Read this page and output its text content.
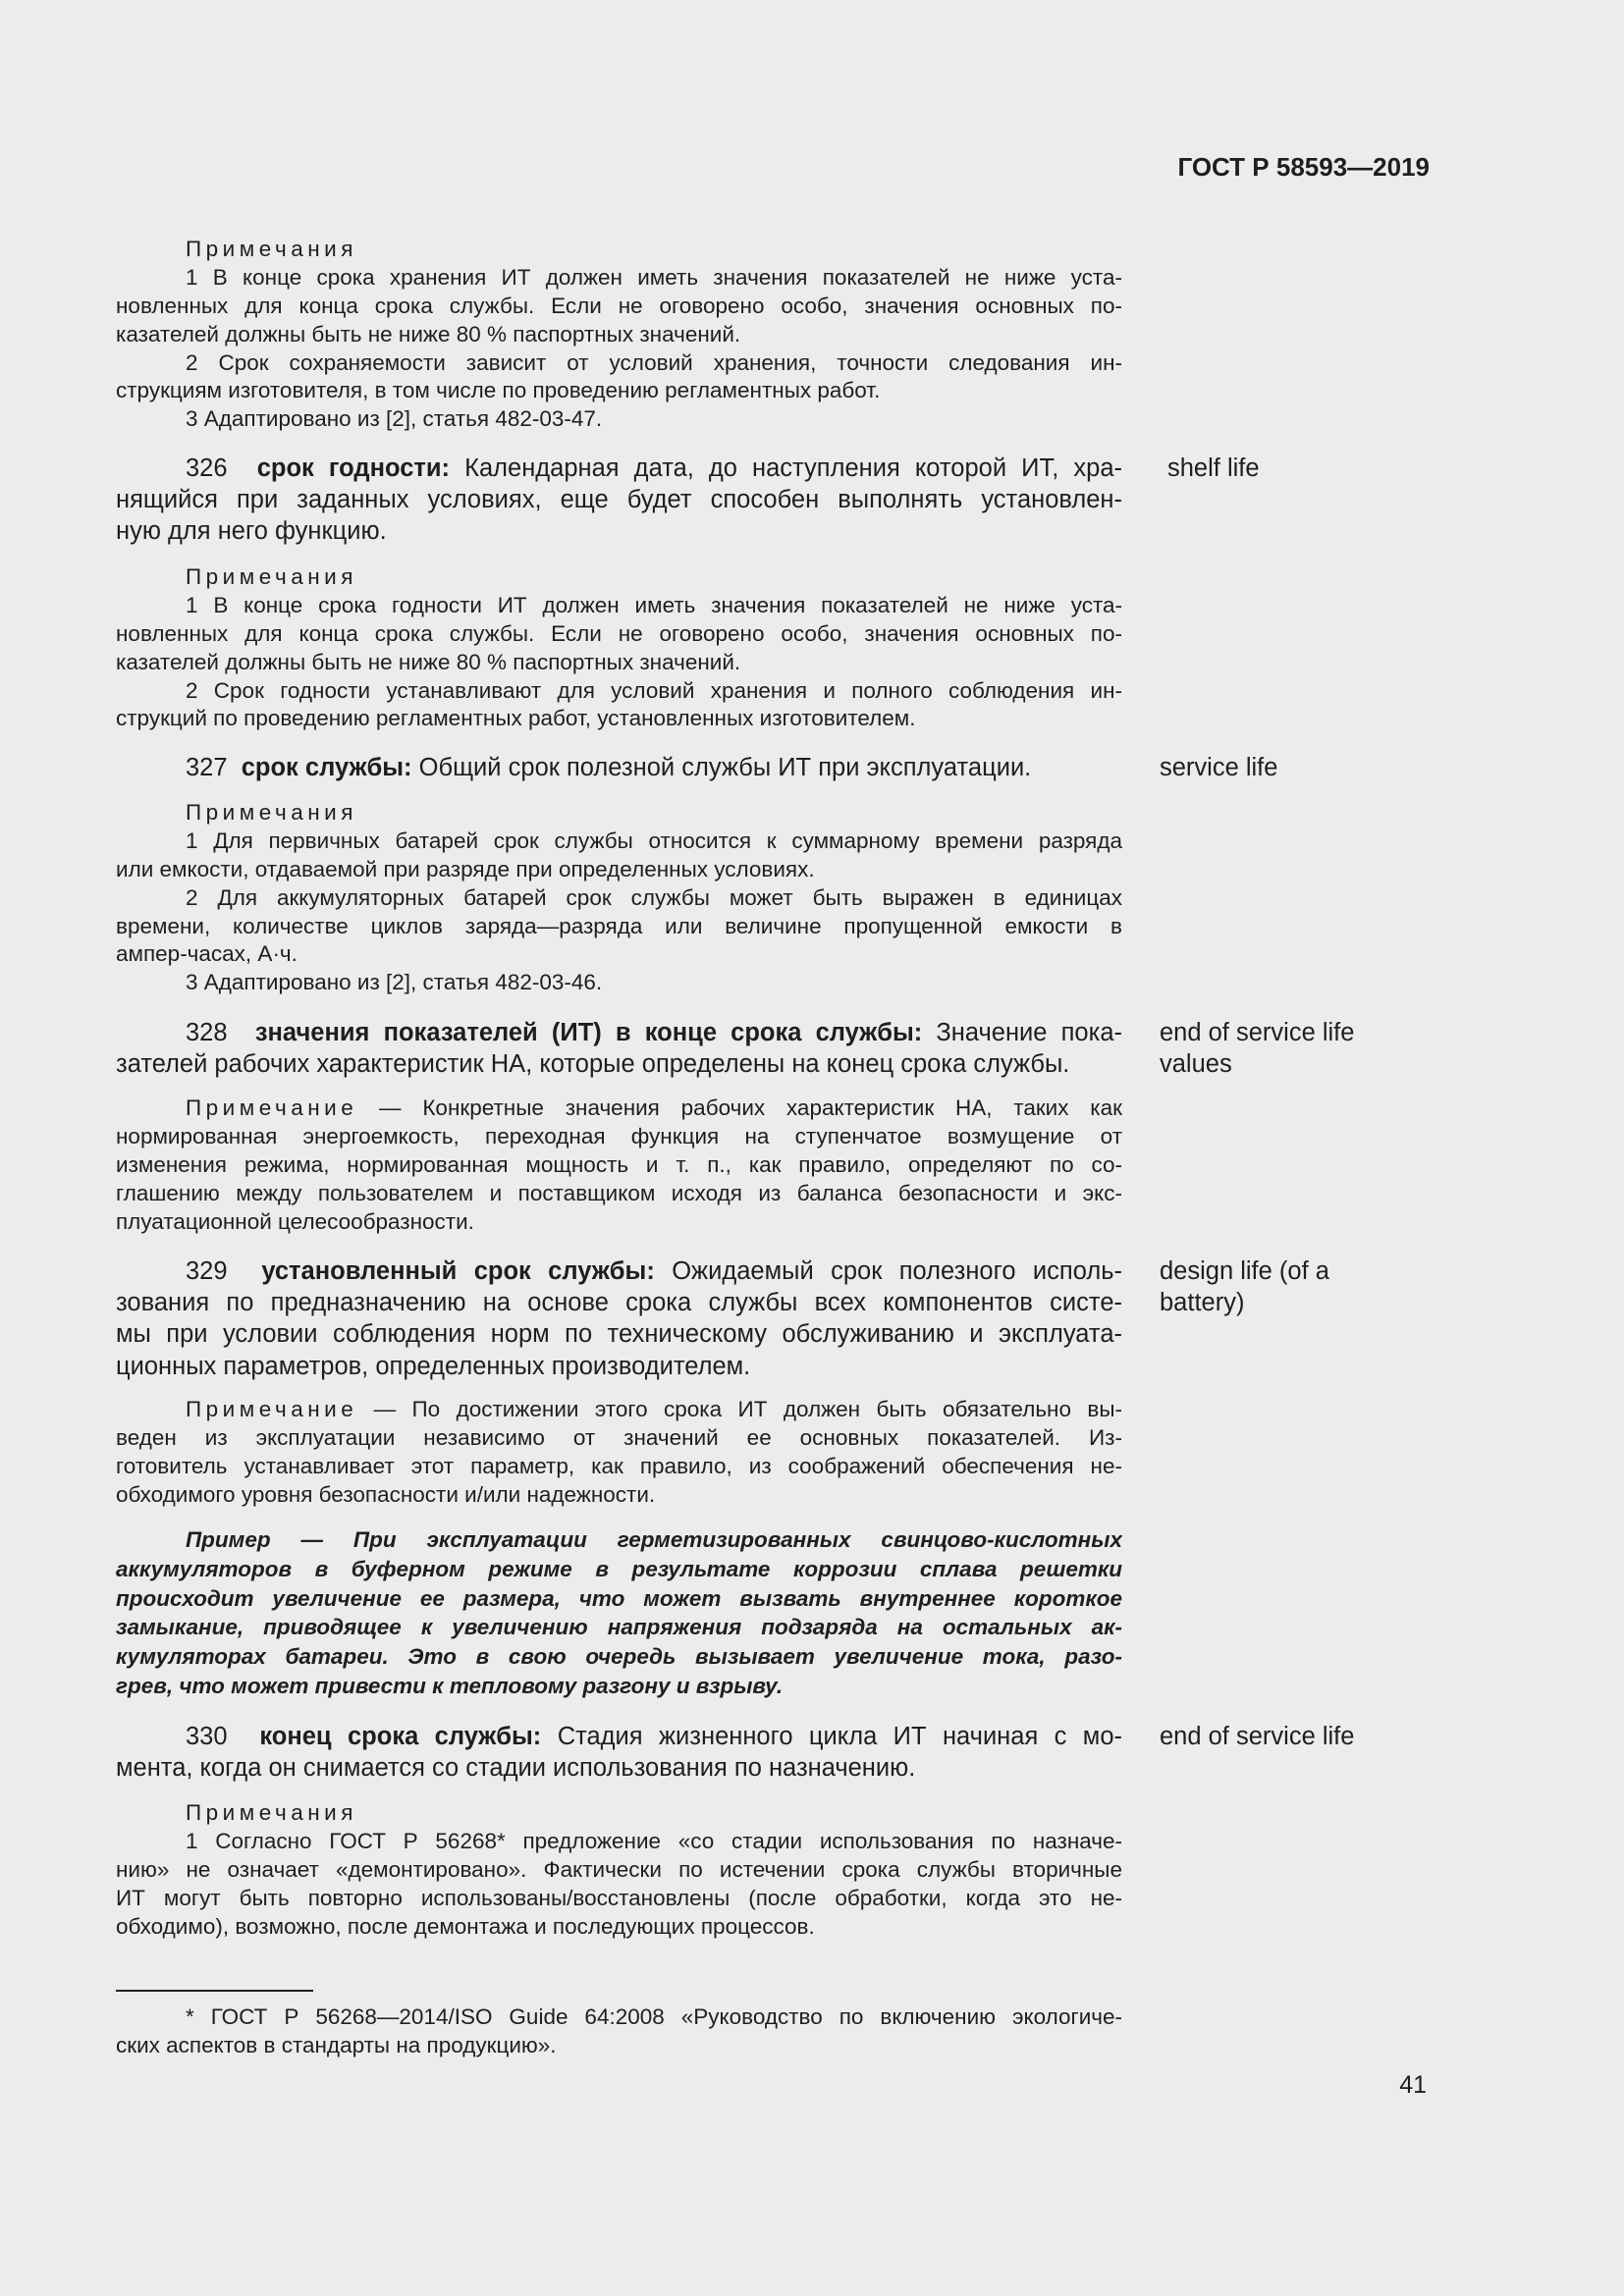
ГОСТ Р 58593—2019
Примечания
1 В конце срока хранения ИТ должен иметь значения показателей не ниже уста-
новленных для конца срока службы. Если не оговорено особо, значения основных по-
казателей должны быть не ниже 80 % паспортных значений.
2 Срок сохраняемости зависит от условий хранения, точности следования ин-
струкциям изготовителя, в том числе по проведению регламентных работ.
3 Адаптировано из [2], статья 482-03-47.
326 срок годности: Календарная дата, до наступления которой ИТ, хра-
нящийся при заданных условиях, еще будет способен выполнять установлен-
ную для него функцию.
shelf life
Примечания
1 В конце срока годности ИТ должен иметь значения показателей не ниже уста-
новленных для конца срока службы. Если не оговорено особо, значения основных по-
казателей должны быть не ниже 80 % паспортных значений.
2 Срок годности устанавливают для условий хранения и полного соблюдения ин-
струкций по проведению регламентных работ, установленных изготовителем.
327 срок службы: Общий срок полезной службы ИТ при эксплуатации.	service life
Примечания
1 Для первичных батарей срок службы относится к суммарному времени разряда
или емкости, отдаваемой при разряде при определенных условиях.
2 Для аккумуляторных батарей срок службы может быть выражен в единицах
времени, количестве циклов заряда—разряда или величине пропущенной емкости в
ампер-часах, А·ч.
3 Адаптировано из [2], статья 482-03-46.
328 значения показателей (ИТ) в конце срока службы: Значение пока-
зателей рабочих характеристик НА, которые определены на конец срока службы.
end of service life values
Примечание — Конкретные значения рабочих характеристик НА, таких как
нормированная энергоемкость, переходная функция на ступенчатое возмущение от
изменения режима, нормированная мощность и т. п., как правило, определяют по со-
глашению между пользователем и поставщиком исходя из баланса безопасности и экс-
плуатационной целесообразности.
329 установленный срок службы: Ожидаемый срок полезного исполь-
зования по предназначению на основе срока службы всех компонентов систе-
мы при условии соблюдения норм по техническому обслуживанию и эксплуата-
ционных параметров, определенных производителем.
design life (of a battery)
Примечание — По достижении этого срока ИТ должен быть обязательно вы-
веден из эксплуатации независимо от значений ее основных показателей. Из-
готовитель устанавливает этот параметр, как правило, из соображений обеспечения не-
обходимого уровня безопасности и/или надежности.
Пример — При эксплуатации герметизированных свинцово-кислотных
аккумуляторов в буферном режиме в результате коррозии сплава решетки
происходит увеличение ее размера, что может вызвать внутреннее короткое
замыкание, приводящее к увеличению напряжения подзаряда на остальных ак-
кумуляторах батареи. Это в свою очередь вызывает увеличение тока, разо-
грев, что может привести к тепловому разгону и взрыву.
330 конец срока службы: Стадия жизненного цикла ИТ начиная с мо-
мента, когда он снимается со стадии использования по назначению.
end of service life
Примечания
1 Согласно ГОСТ Р 56268* предложение «со стадии использования по назначе-
нию» не означает «демонтировано». Фактически по истечении срока службы вторичные
ИТ могут быть повторно использованы/восстановлены (после обработки, когда это не-
обходимо), возможно, после демонтажа и последующих процессов.
* ГОСТ Р 56268—2014/ISO Guide 64:2008 «Руководство по включению экологиче-
ских аспектов в стандарты на продукцию».
41
